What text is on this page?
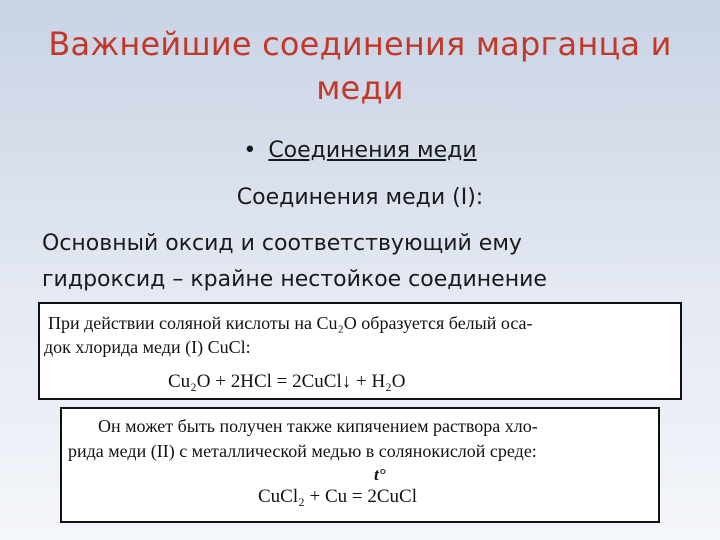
Важнейшие соединения марганца и
меди
• Соединения меди
Соединения меди (I):
Основный оксид и соответствующий ему
гидроксид – крайне нестойкое соединение

При действии соляной кислоты на Cu₂O образуется белый оса-

док хлорида меди (I) CuCl:

Cu₂O + 2HCl = 2CuCl↓ + H₂O

Он может быть получен также кипячением раствора хло-

рида меди (II) с металлической медью в солянокислой среде:

t°

CuCl₂ + Cu = 2CuCl
